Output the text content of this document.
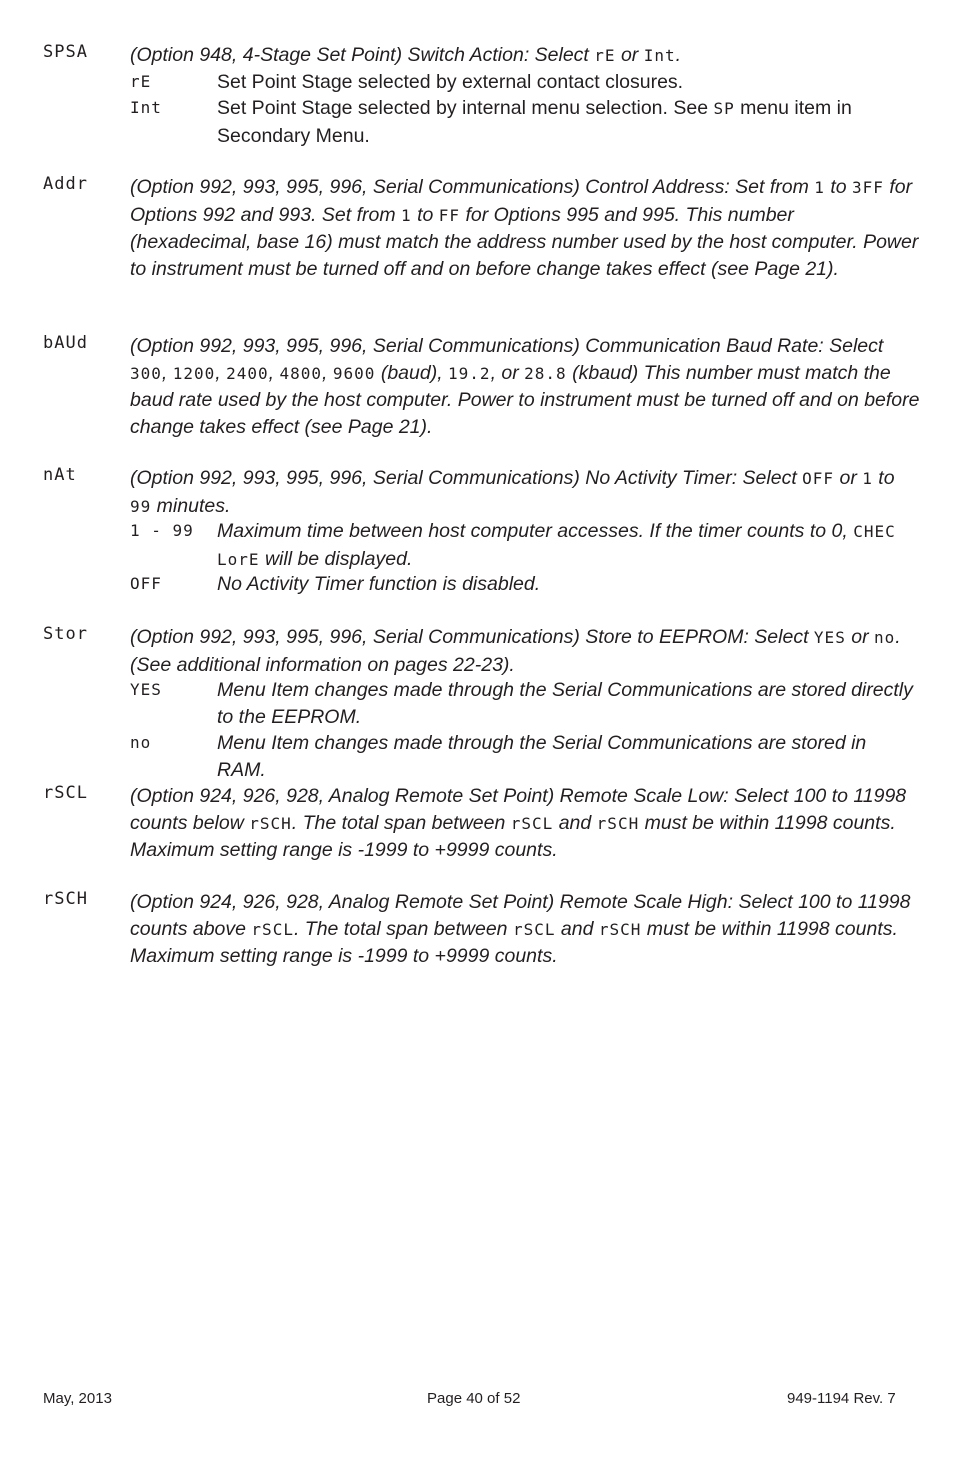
SPSA (Option 948, 4-Stage Set Point) Switch Action: Select rE or Int.
rE	Set Point Stage selected by external contact closures.
Int	Set Point Stage selected by internal menu selection. See SP menu item in Secondary Menu.
Addr (Option 992, 993, 995, 996, Serial Communications) Control Address: Set from 1 to 3FF for Options 992 and 993. Set from 1 to FF for Options 995 and 995. This number (hexadecimal, base 16) must match the address number used by the host computer. Power to instrument must be turned off and on before change takes effect (see Page 21).
bAUd (Option 992, 993, 995, 996, Serial Communications) Communication Baud Rate: Select 300, 1200, 2400, 4800, 9600 (baud), 19.2, or 28.8 (kbaud) This number must match the baud rate used by the host computer. Power to instrument must be turned off and on before change takes effect (see Page 21).
nAt	(Option 992, 993, 995, 996, Serial Communications) No Activity Timer: Select OFF or 1 to 99 minutes.
1 - 99 Maximum time between host computer accesses. If the timer counts to 0, CHEC LorE will be displayed.
OFF	No Activity Timer function is disabled.
Stor (Option 992, 993, 995, 996, Serial Communications) Store to EEPROM: Select YES or no. (See additional information on pages 22-23).
YES	Menu Item changes made through the Serial Communications are stored directly to the EEPROM.
no	Menu Item changes made through the Serial Communications are stored in RAM.
rSCL (Option 924, 926, 928, Analog Remote Set Point) Remote Scale Low: Select 100 to 11998 counts below rSCH. The total span between rSCL and rSCH must be within 11998 counts. Maximum setting range is -1999 to +9999 counts.
rSCH (Option 924, 926, 928, Analog Remote Set Point) Remote Scale High: Select 100 to 11998 counts above rSCL. The total span between rSCL and rSCH must be within 11998 counts. Maximum setting range is -1999 to +9999 counts.
May, 2013	Page 40 of 52	949-1194 Rev. 7
